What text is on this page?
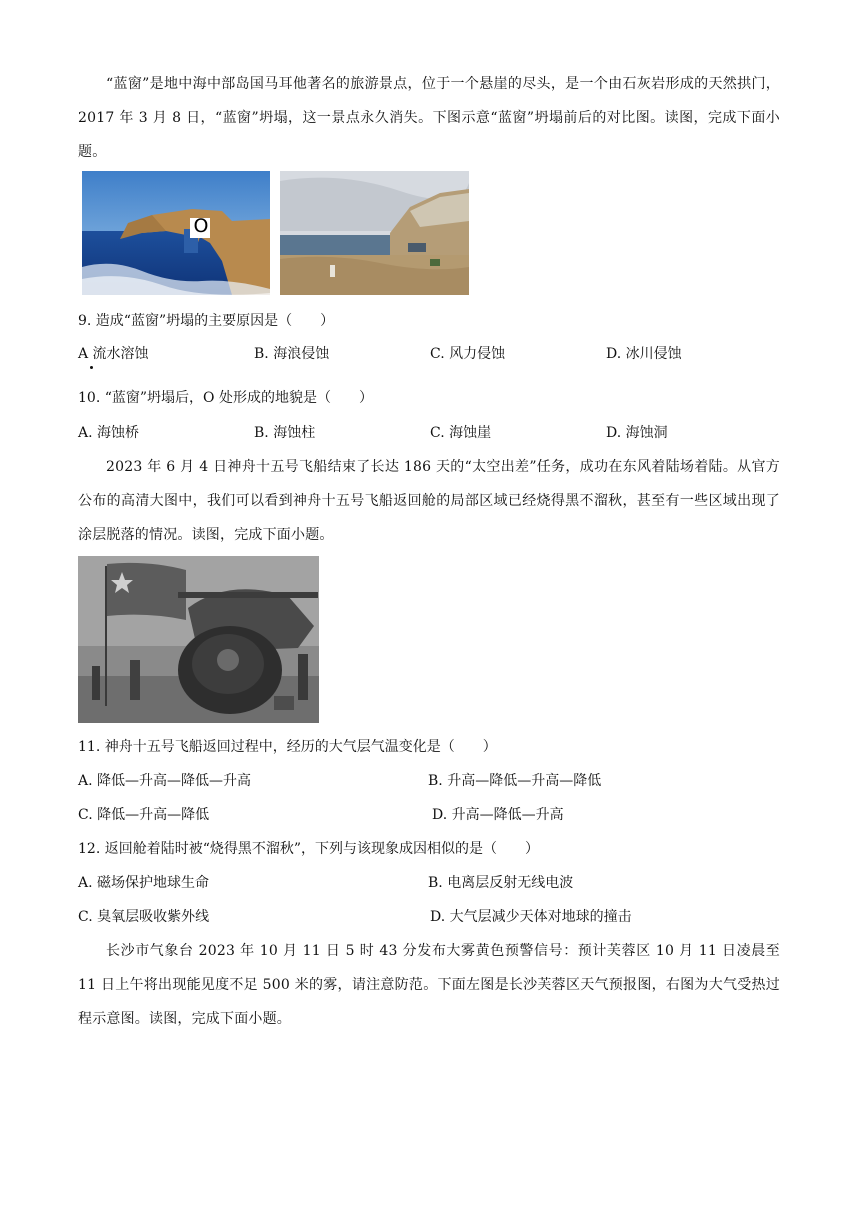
“蓝窗”是地中海中部岛国马耳他著名的旅游景点，位于一个悬崖的尽头，是一个由石灰岩形成的天然拱门，2017 年 3 月 8 日，“蓝窗”坍塌，这一景点永久消失。下图示意“蓝窗”坍塌前后的对比图。读图，完成下面小题。
O
9. 造成“蓝窗”坍塌的主要原因是（　　）
A 流水溶蚀	B. 海浪侵蚀	C. 风力侵蚀	D. 冰川侵蚀
10. “蓝窗”坍塌后，O 处形成的地貌是（　　）
A. 海蚀桥	B. 海蚀柱	C. 海蚀崖	D. 海蚀洞
2023 年 6 月 4 日神舟十五号飞船结束了长达 186 天的“太空出差”任务，成功在东风着陆场着陆。从官方公布的高清大图中，我们可以看到神舟十五号飞船返回舱的局部区域已经烧得黑不溜秋，甚至有一些区域出现了涂层脱落的情况。读图，完成下面小题。
11. 神舟十五号飞船返回过程中，经历的大气层气温变化是（　　）
A. 降低—升高—降低—升高	B. 升高—降低—升高—降低
C. 降低—升高—降低	D. 升高—降低—升高
12. 返回舱着陆时被“烧得黑不溜秋”，下列与该现象成因相似的是（　　）
A. 磁场保护地球生命	B. 电离层反射无线电波
C. 臭氧层吸收紫外线	D. 大气层减少天体对地球的撞击
长沙市气象台 2023 年 10 月 11 日 5 时 43 分发布大雾黄色预警信号：预计芙蓉区 10 月 11 日凌晨至 11 日上午将出现能见度不足 500 米的雾，请注意防范。下面左图是长沙芙蓉区天气预报图，右图为大气受热过程示意图。读图，完成下面小题。
